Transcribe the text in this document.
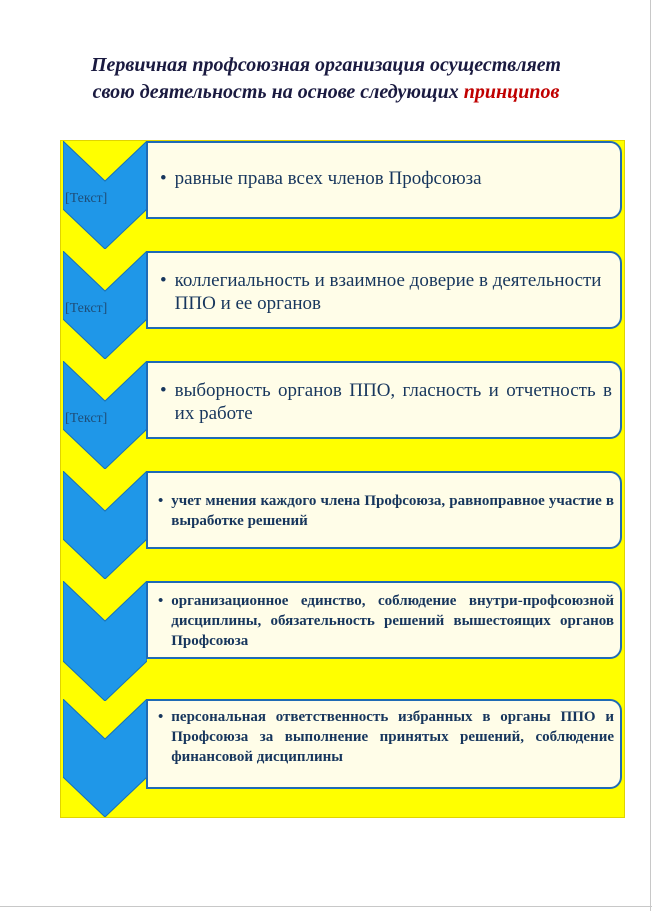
Первичная профсоюзная организация осуществляет
свою деятельность на основе следующих принципов
[Текст]
• равные права всех членов Профсоюза
[Текст]
• коллегиальность и взаимное доверие в деятельности ППО и ее органов
[Текст]
• выборность органов ППО, гласность и отчетность в их работе
• учет мнения каждого члена Профсоюза, равноправное участие в выработке решений
• организационное единство, соблюдение внутри-профсоюзной дисциплины, обязательность решений вышестоящих органов Профсоюза
• персональная ответственность избранных в органы ППО и Профсоюза за выполнение принятых решений, соблюдение финансовой дисциплины
